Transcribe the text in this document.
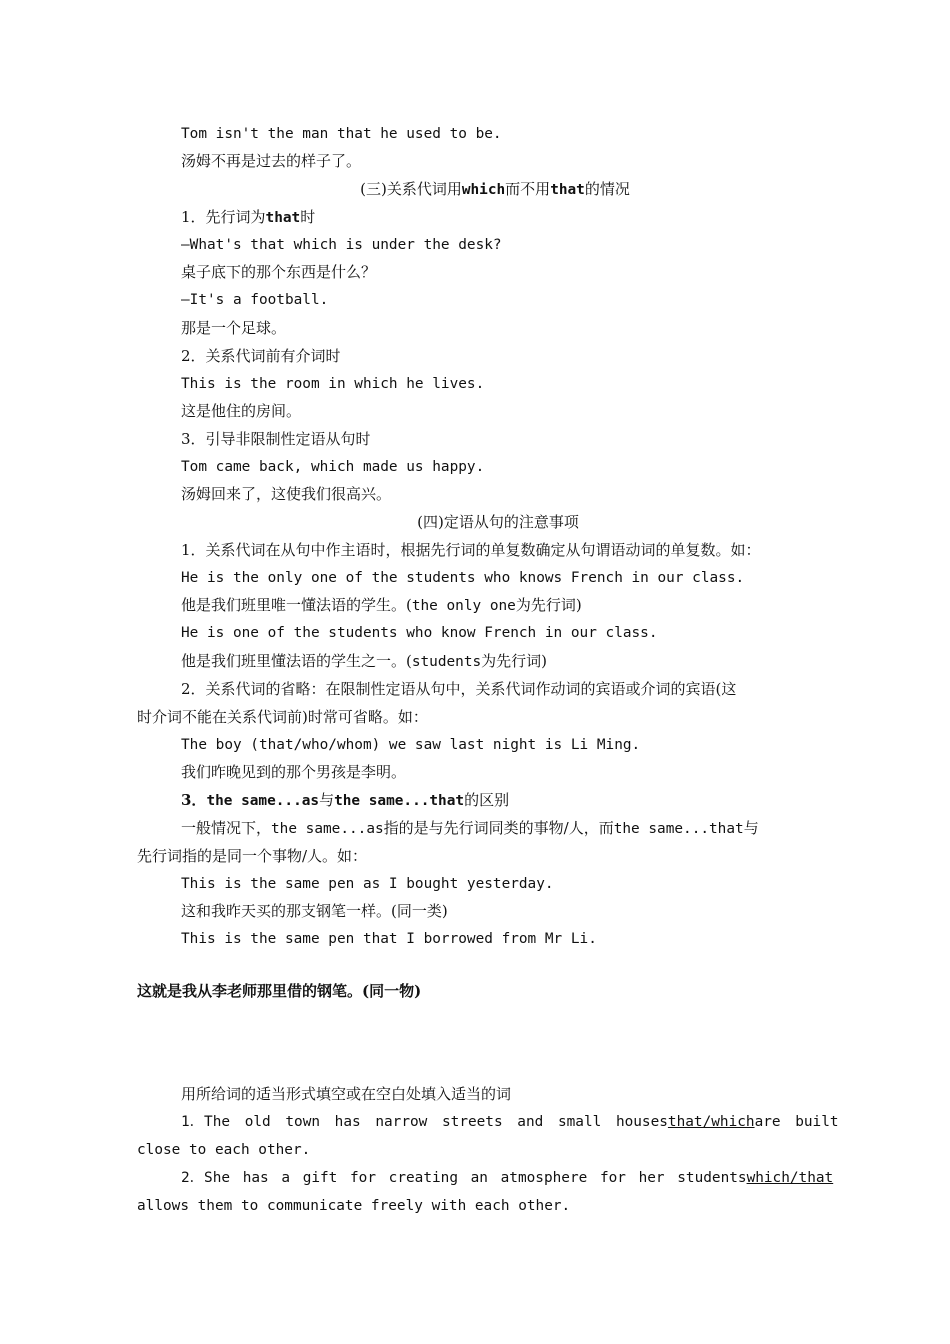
Tom isn't the man that he used to be.
汤姆不再是过去的样子了。
(三)关系代词用which而不用that的情况
1．先行词为that时
—What's that which is under the desk?
桌子底下的那个东西是什么？
—It's a football.
那是一个足球。
2．关系代词前有介词时
This is the room in which he lives.
这是他住的房间。
3．引导非限制性定语从句时
Tom came back, which made us happy.
汤姆回来了，这使我们很高兴。
(四)定语从句的注意事项
1．关系代词在从句中作主语时，根据先行词的单复数确定从句谓语动词的单复数。如：
He is the only one of the students who knows French in our class.
他是我们班里唯一懂法语的学生。(the only one为先行词)
He is one of the students who know French in our class.
他是我们班里懂法语的学生之一。(students为先行词)
2．关系代词的省略：在限制性定语从句中，关系代词作动词的宾语或介词的宾语(这
时介词不能在关系代词前)时常可省略。如：
The boy (that/who/whom) we saw last night is Li Ming.
我们昨晚见到的那个男孩是李明。
3．the same...as与the same...that的区别
一般情况下，the same...as指的是与先行词同类的事物/人，而the same...that与
先行词指的是同一个事物/人。如：
This is the same pen as I bought yesterday.
这和我昨天买的那支钢笔一样。(同一类)
This is the same pen that I borrowed from Mr Li.
这就是我从李老师那里借的钢笔。(同一物)
用所给词的适当形式填空或在空白处填入适当的词
1．The old town has narrow streets and small houses that/which are built
close to each other.
2．She has a gift for creating an atmosphere for her students which/that
allows them to communicate freely with each other.
